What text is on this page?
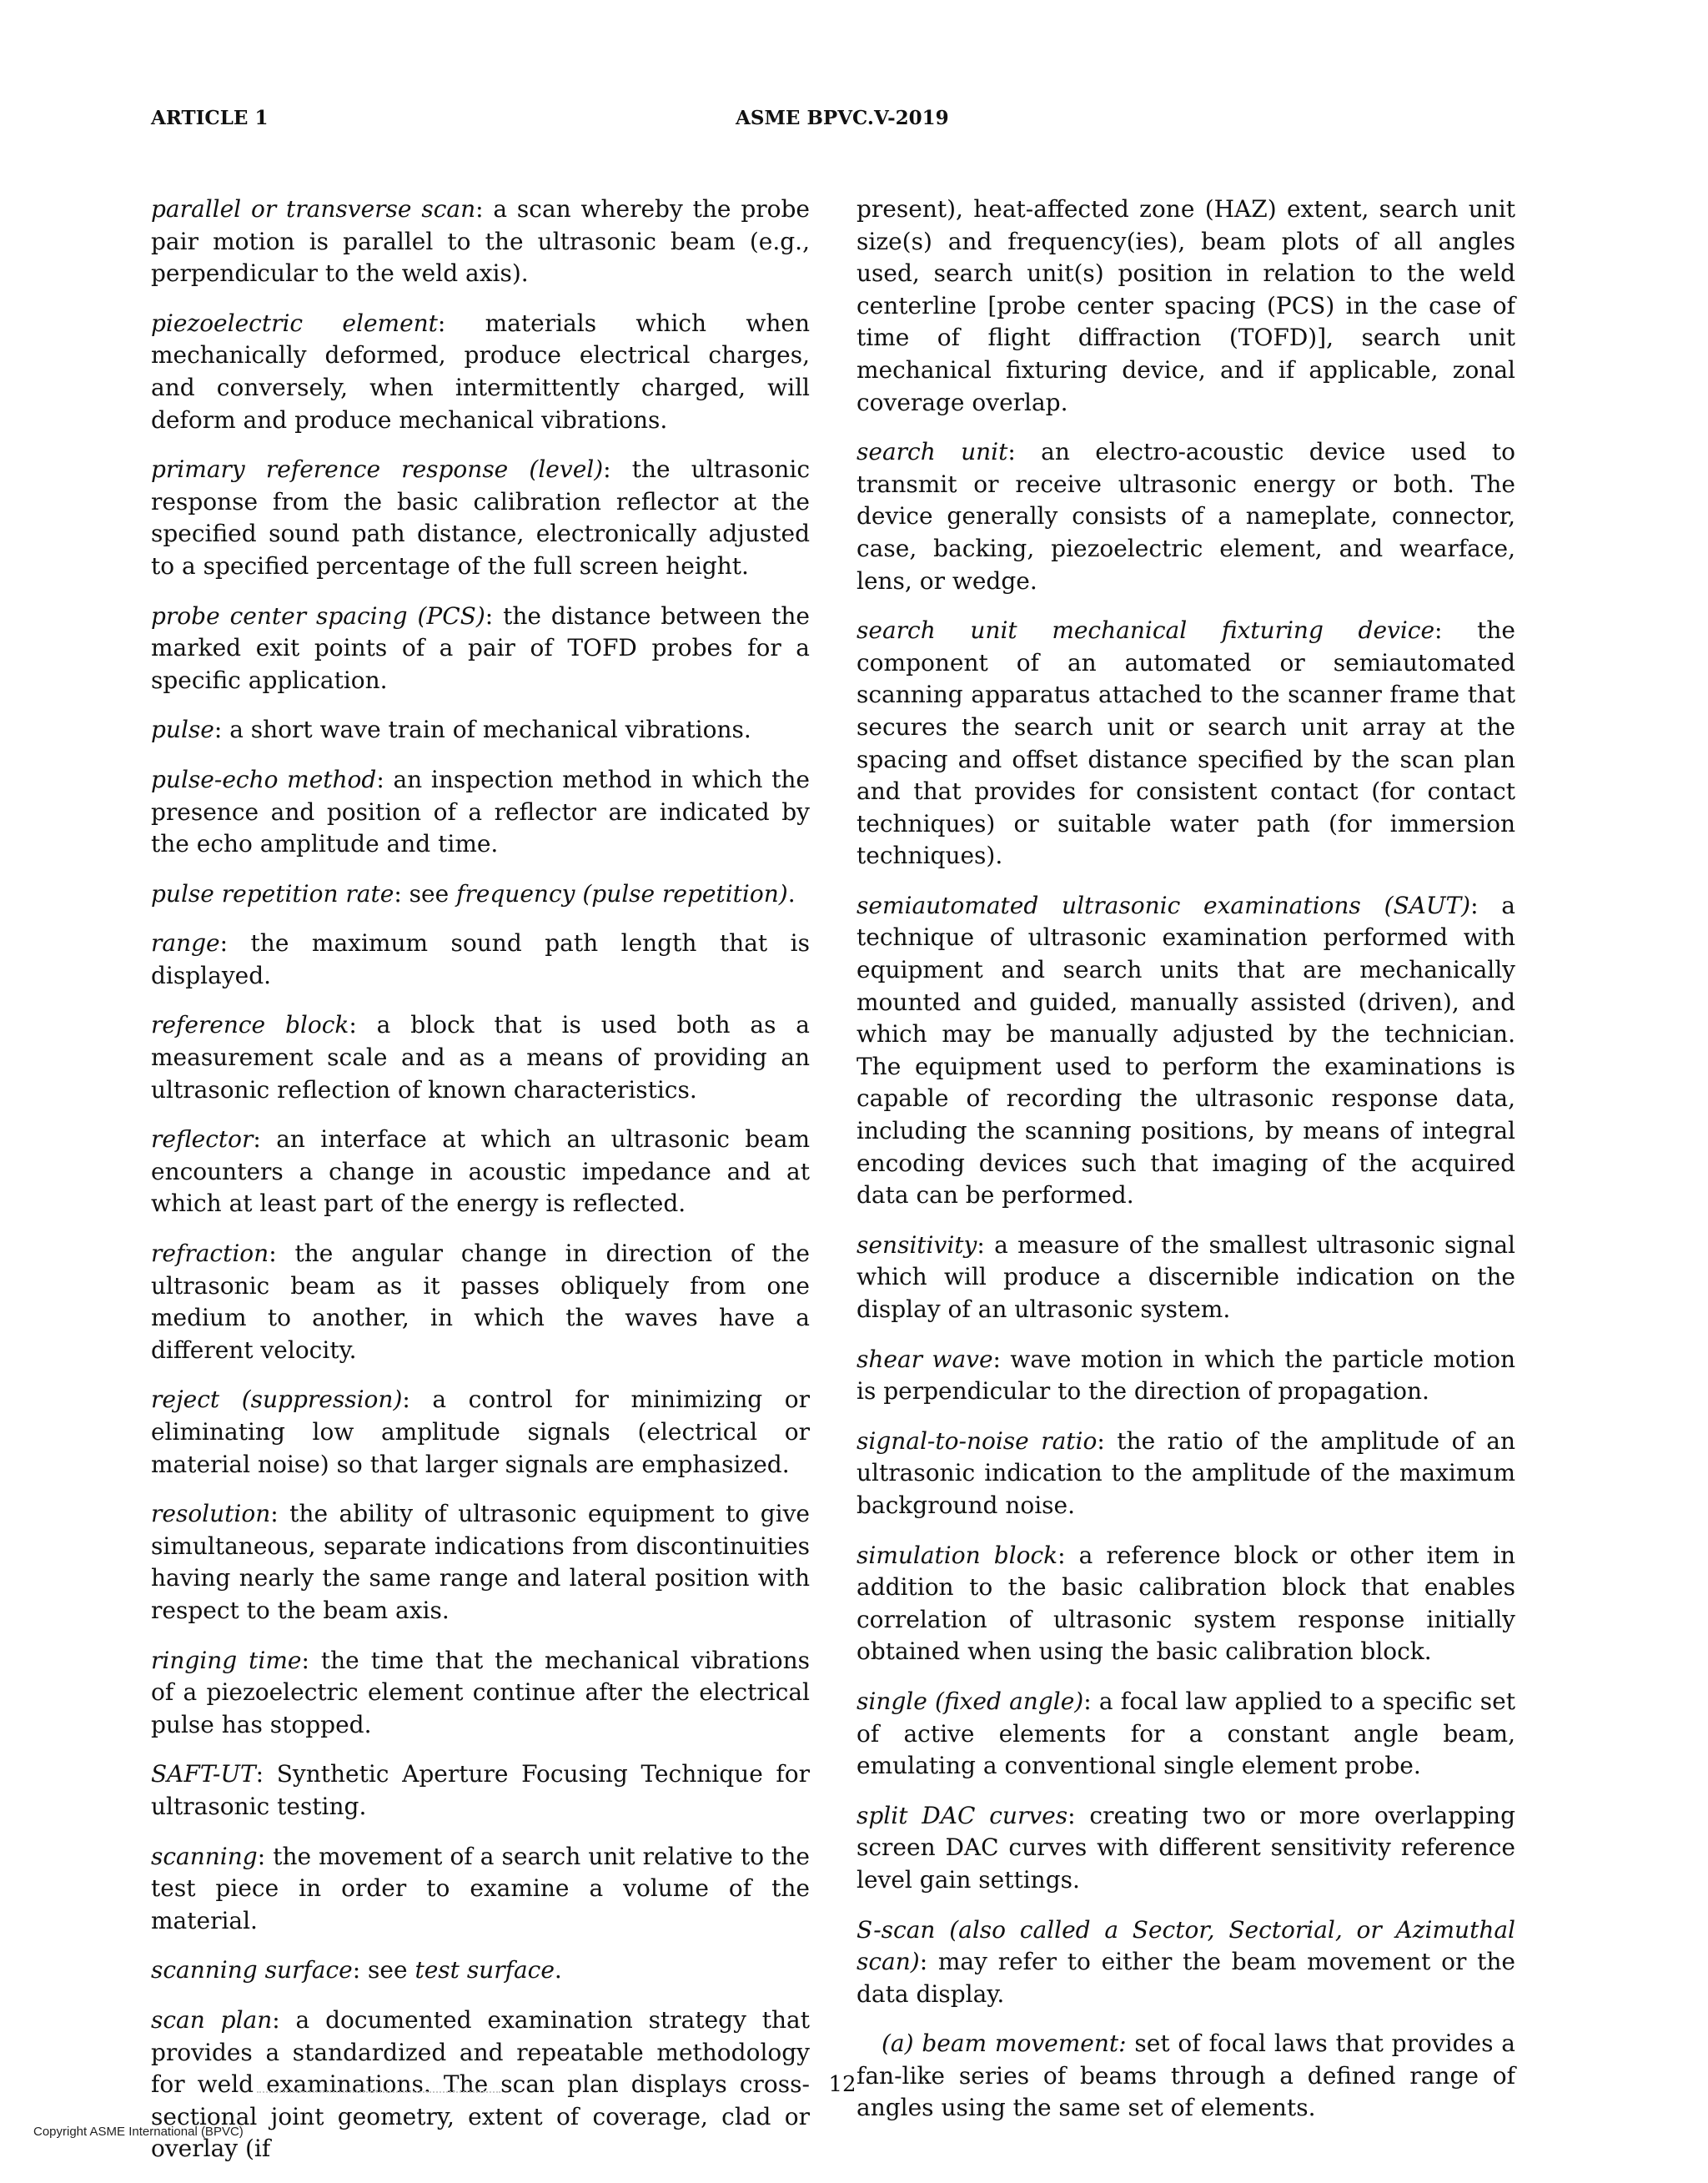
ARTICLE 1	ASME BPVC.V-2019

parallel or transverse scan: a scan whereby the probe pair motion is parallel to the ultrasonic beam (e.g., perpendicular to the weld axis).

piezoelectric element: materials which when mechanically deformed, produce electrical charges, and conversely, when intermittently charged, will deform and produce mechanical vibrations.

primary reference response (level): the ultrasonic response from the basic calibration reflector at the specified sound path distance, electronically adjusted to a specified percentage of the full screen height.

probe center spacing (PCS): the distance between the marked exit points of a pair of TOFD probes for a specific application.

pulse: a short wave train of mechanical vibrations.

pulse-echo method: an inspection method in which the presence and position of a reflector are indicated by the echo amplitude and time.

pulse repetition rate: see frequency (pulse repetition).

range: the maximum sound path length that is displayed.

reference block: a block that is used both as a measurement scale and as a means of providing an ultrasonic reflection of known characteristics.

reflector: an interface at which an ultrasonic beam encounters a change in acoustic impedance and at which at least part of the energy is reflected.

refraction: the angular change in direction of the ultrasonic beam as it passes obliquely from one medium to another, in which the waves have a different velocity.

reject (suppression): a control for minimizing or eliminating low amplitude signals (electrical or material noise) so that larger signals are emphasized.

resolution: the ability of ultrasonic equipment to give simultaneous, separate indications from discontinuities having nearly the same range and lateral position with respect to the beam axis.

ringing time: the time that the mechanical vibrations of a piezoelectric element continue after the electrical pulse has stopped.

SAFT-UT: Synthetic Aperture Focusing Technique for ultrasonic testing.

scanning: the movement of a search unit relative to the test piece in order to examine a volume of the material.

scanning surface: see test surface.

scan plan: a documented examination strategy that provides a standardized and repeatable methodology for weld examinations. The scan plan displays cross-sectional joint geometry, extent of coverage, clad or overlay (if

present), heat-affected zone (HAZ) extent, search unit size(s) and frequency(ies), beam plots of all angles used, search unit(s) position in relation to the weld centerline [probe center spacing (PCS) in the case of time of flight diffraction (TOFD)], search unit mechanical fixturing device, and if applicable, zonal coverage overlap.

search unit: an electro-acoustic device used to transmit or receive ultrasonic energy or both. The device generally consists of a nameplate, connector, case, backing, piezoelectric element, and wearface, lens, or wedge.

search unit mechanical fixturing device: the component of an automated or semiautomated scanning apparatus attached to the scanner frame that secures the search unit or search unit array at the spacing and offset distance specified by the scan plan and that provides for consistent contact (for contact techniques) or suitable water path (for immersion techniques).

semiautomated ultrasonic examinations (SAUT): a technique of ultrasonic examination performed with equipment and search units that are mechanically mounted and guided, manually assisted (driven), and which may be manually adjusted by the technician. The equipment used to perform the examinations is capable of recording the ultrasonic response data, including the scanning positions, by means of integral encoding devices such that imaging of the acquired data can be performed.

sensitivity: a measure of the smallest ultrasonic signal which will produce a discernible indication on the display of an ultrasonic system.

shear wave: wave motion in which the particle motion is perpendicular to the direction of propagation.

signal-to-noise ratio: the ratio of the amplitude of an ultrasonic indication to the amplitude of the maximum background noise.

simulation block: a reference block or other item in addition to the basic calibration block that enables correlation of ultrasonic system response initially obtained when using the basic calibration block.

single (fixed angle): a focal law applied to a specific set of active elements for a constant angle beam, emulating a conventional single element probe.

split DAC curves: creating two or more overlapping screen DAC curves with different sensitivity reference level gain settings.

S-scan (also called a Sector, Sectorial, or Azimuthal scan): may refer to either the beam movement or the data display.

(a) beam movement: set of focal laws that provides a fan-like series of beams through a defined range of angles using the same set of elements.

12
Copyright ASME International (BPVC)
